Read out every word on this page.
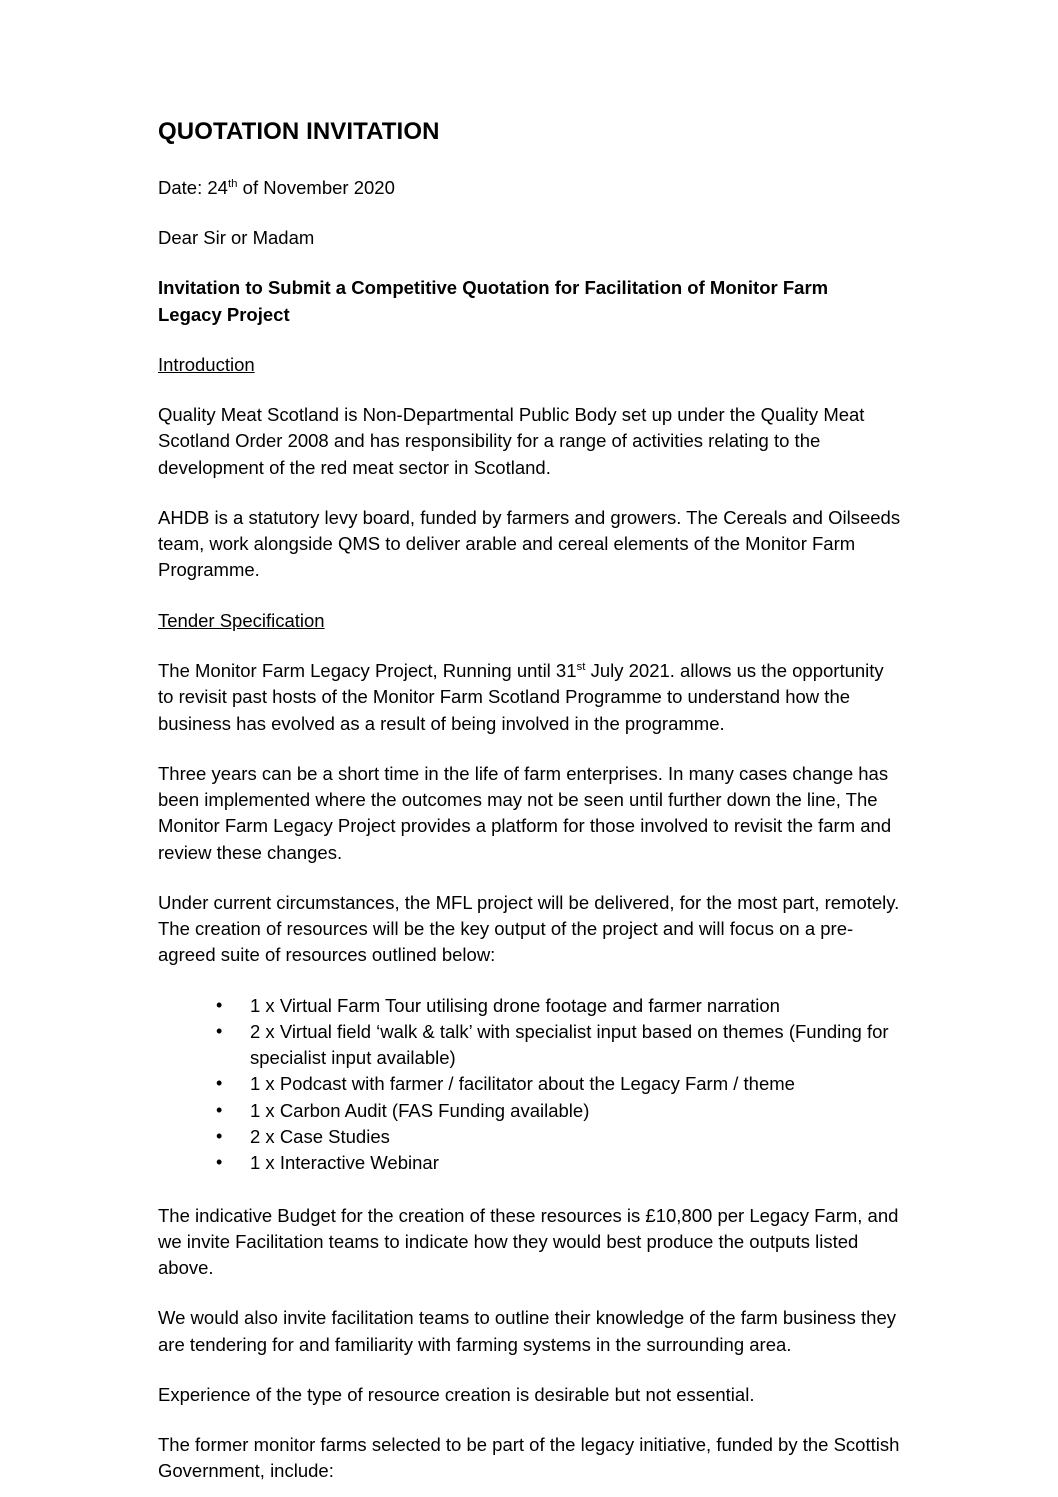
QUOTATION INVITATION

Date: 24th of November 2020

Dear Sir or Madam

Invitation to Submit a Competitive Quotation for Facilitation of Monitor Farm
Legacy Project

Introduction

Quality Meat Scotland is Non-Departmental Public Body set up under the Quality Meat Scotland Order 2008 and has responsibility for a range of activities relating to the development of the red meat sector in Scotland.

AHDB is a statutory levy board, funded by farmers and growers. The Cereals and Oilseeds team, work alongside QMS to deliver arable and cereal elements of the Monitor Farm Programme.

Tender Specification

The Monitor Farm Legacy Project, Running until 31st July 2021. allows us the opportunity to revisit past hosts of the Monitor Farm Scotland Programme to understand how the business has evolved as a result of being involved in the programme.

Three years can be a short time in the life of farm enterprises. In many cases change has been implemented where the outcomes may not be seen until further down the line, The Monitor Farm Legacy Project provides a platform for those involved to revisit the farm and review these changes.

Under current circumstances, the MFL project will be delivered, for the most part, remotely. The creation of resources will be the key output of the project and will focus on a pre-agreed suite of resources outlined below:

• 1 x Virtual Farm Tour utilising drone footage and farmer narration
• 2 x Virtual field ‘walk & talk’ with specialist input based on themes (Funding for specialist input available)
• 1 x Podcast with farmer / facilitator about the Legacy Farm / theme
• 1 x Carbon Audit (FAS Funding available)
• 2 x Case Studies
• 1 x Interactive Webinar

The indicative Budget for the creation of these resources is £10,800 per Legacy Farm, and we invite Facilitation teams to indicate how they would best produce the outputs listed above.

We would also invite facilitation teams to outline their knowledge of the farm business they are tendering for and familiarity with farming systems in the surrounding area.

Experience of the type of resource creation is desirable but not essential.

The former monitor farms selected to be part of the legacy initiative, funded by the Scottish Government, include:
